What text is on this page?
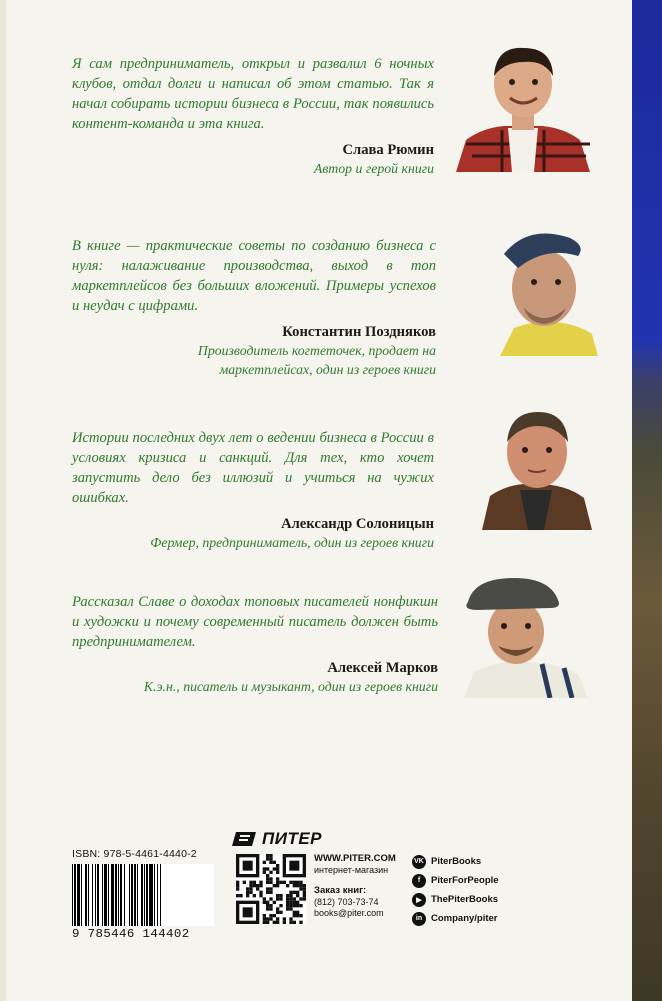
Я сам предприниматель, открыл и развалил 6 ночных клубов, отдал долги и написал об этом статью. Так я начал собирать истории бизнеса в России, так появились контент-команда и эта книга.

Слава Рюмин
Автор и герой книги

В книге — практические советы по созданию бизнеса с нуля: налаживание производства, выход в топ маркетплейсов без больших вложений. Примеры успехов и неудач с цифрами.

Константин Поздняков
Производитель когтеточек, продает на маркетплейсах, один из героев книги

Истории последних двух лет о ведении бизнеса в России в условиях кризиса и санкций. Для тех, кто хочет запустить дело без иллюзий и учиться на чужих ошибках.

Александр Солоницын
Фермер, предприниматель, один из героев книги

Рассказал Славе о доходах топовых писателей нонфикшн и художки и почему современный писатель должен быть предпринимателем.

Алексей Марков
К.э.н., писатель и музыкант, один из героев книги
ISBN: 978-5-4461-4440-2
9 785446 144402
ПИТЕР
WWW.PITER.COM
интернет-магазин
Заказ книг:
(812) 703-73-74
books@piter.com
VK PiterBooks
f	PiterForPeople
▶ ThePiterBooks
in Company/piter
